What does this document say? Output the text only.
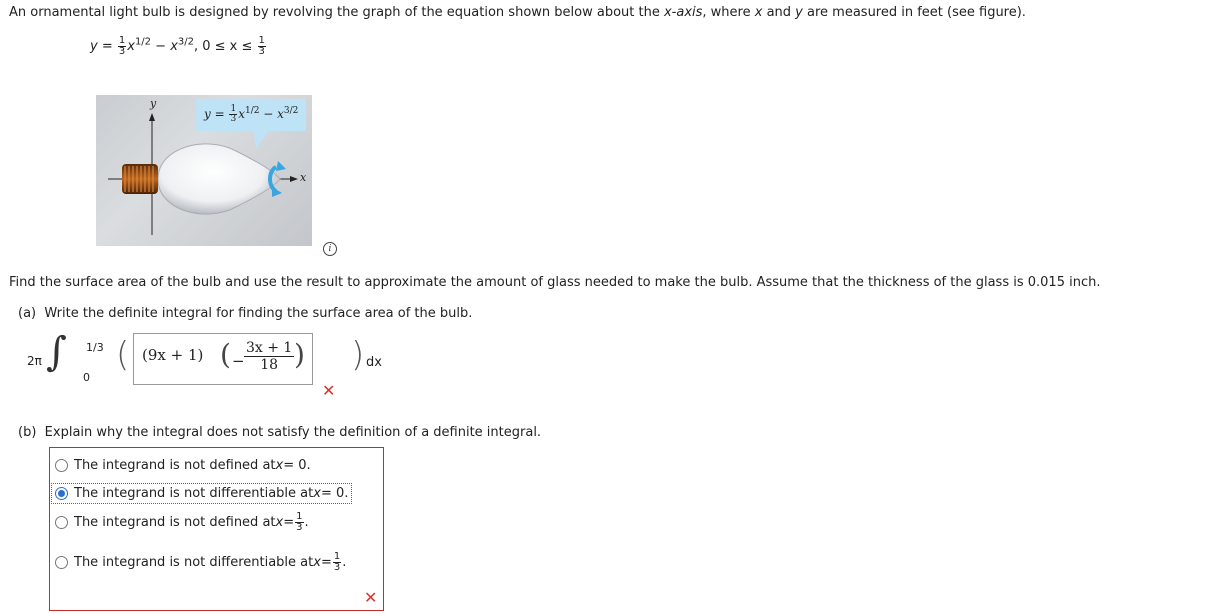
An ornamental light bulb is designed by revolving the graph of the equation shown below about the x-axis, where x and y are measured in feet (see figure).
$y = \frac{1}{3} x^{1/2} - x^{3/2}$, $0 \le x \le \frac{1}{3}$
y
x
$y = \frac{1}{3} x^{1/2} - x^{3/2}$
i
Find the surface area of the bulb and use the result to approximate the amount of glass needed to make the bulb. Assume that the thickness of the glass is 0.015 inch.
(a) Write the definite integral for finding the surface area of the bulb.
2π ∫ 1/3
0
( (9x + 1) ( −
3x + 1
18 ) ) dx
✕
(b) Explain why the integral does not satisfy the definition of a definite integral.
The integrand is not defined at x = 0.
The integrand is not differentiable at x = 0.
The integrand is not defined at $x = \frac{1}{3}$ .
The integrand is not differentiable at $x = \frac{1}{3}$ .
✕
